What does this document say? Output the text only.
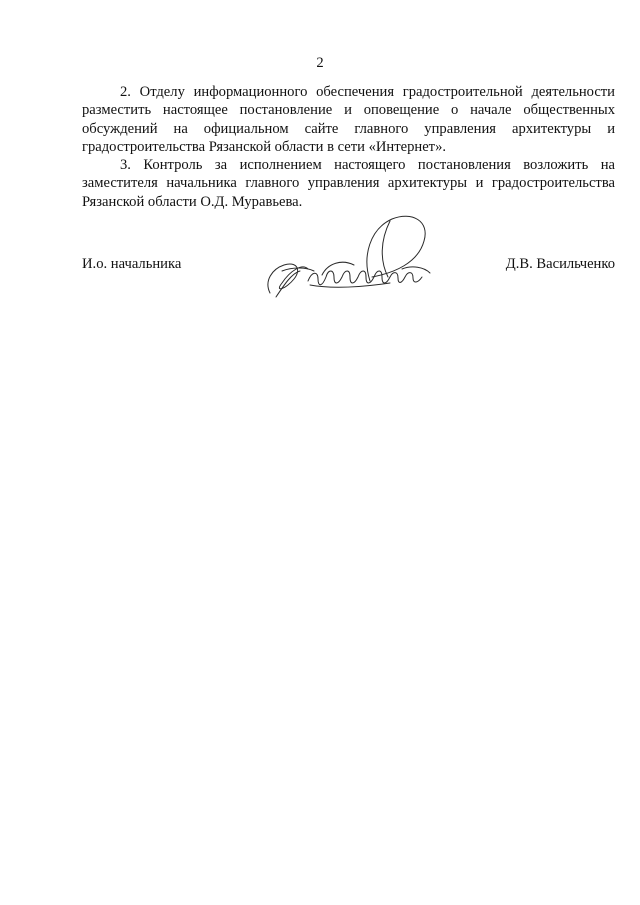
2

2. Отделу информационного обеспечения градостроительной деятельности разместить настоящее постановление и оповещение о начале общественных обсуждений на официальном сайте главного управления архитектуры и градостроительства Рязанской области в сети «Интернет».

3. Контроль за исполнением настоящего постановления возложить на заместителя начальника главного управления архитектуры и градостроительства Рязанской области О.Д. Муравьева.

И.о. начальника	Д.В. Васильченко
